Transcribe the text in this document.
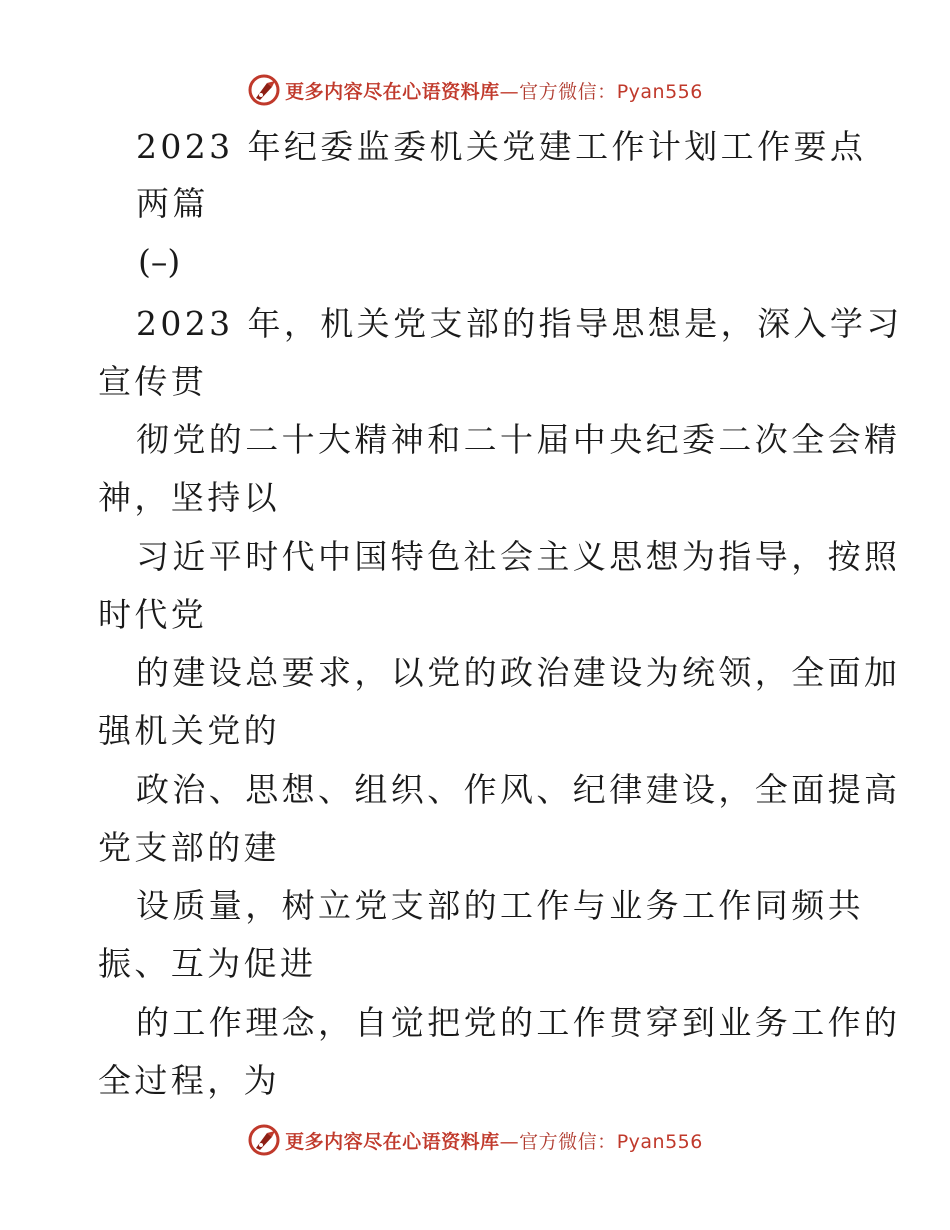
更多内容尽在心语资料库—官方微信：Pyan556
2023 年纪委监委机关党建工作计划工作要点
两篇
(–)
2023 年，机关党支部的指导思想是，深入学习
宣传贯
彻党的二十大精神和二十届中央纪委二次全会精
神，坚持以
习近平时代中国特色社会主义思想为指导，按照
时代党
的建设总要求，以党的政治建设为统领，全面加
强机关党的
政治、思想、组织、作风、纪律建设，全面提高
党支部的建
设质量，树立党支部的工作与业务工作同频共
振、互为促进
的工作理念，自觉把党的工作贯穿到业务工作的
全过程，为
更多内容尽在心语资料库—官方微信：Pyan556
